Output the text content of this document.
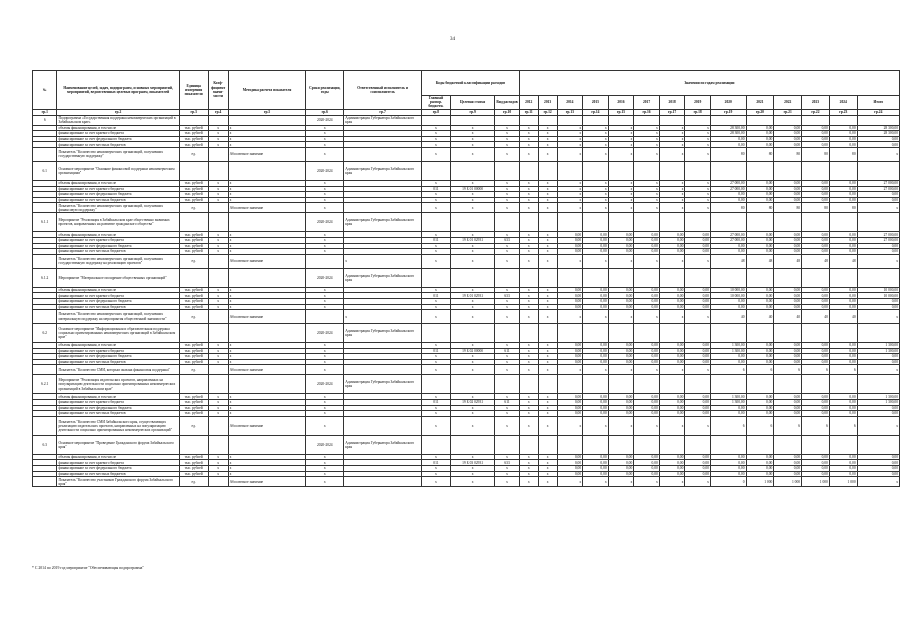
34
№	Наименование целей, задач, подпрограмм, основных мероприятий, мероприятий, ведомственных целевых программ, показателей	Единица измерения показателя	Коэф-фициент значи-мости	Методика расчета показателя	Сроки реализации, годы	Ответственный исполнитель и соисполнитель	Коды бюджетной классификации расходов			Значения по годам реализации													
							Главный распор. бюджетн.	Целевая статья	Вид расходов	2012	2013	2014	2015	2016	2017	2018	2019	2020	2021	2022	2023	2024	Итого
гр.1	гр.2	гр.3	гр.4	гр.5	гр.6	гр.7	гр.8	гр.9	гр.10	гр.11	гр.12	гр.13	гр.14	гр.15	гр.16	гр.17	гр.18	гр.19	гр.20	гр.21	гр.22	гр.23	гр.24
6	Подпрограмма «Государственная поддержка некоммерческих организаций в Забайкальском крае»				2020-2024	Администрация Губернатора Забайкальского края																	
	объемы финансирования, в том числе	тыс. рублей	х	х	х		х	х	х	х	х	х	х	х	х	х	х	28 300,00	0,00	0,00	0,00	0,00	28 300,00
	финансирование за счет краевого бюджета	тыс. рублей	х	х	х		х	х	х	х	х	х	х	х	х	х	х	28 300,00	0,00	0,00	0,00	0,00	28 300,00
	финансирование за счет федерального бюджета	тыс. рублей	х	х	х		х	х	х	х	х	х	х	х	х	х	х	0,00	0,00	0,00	0,00	0,00	0,00
	финансирование за счет местных бюджетов	тыс. рублей	х	х	х		х	х	х	х	х	х	х	х	х	х	х	0,00	0,00	0,00	0,00	0,00	0,00
	Показатель "Количество некоммерческих организаций, получивших государственную поддержку"	ед.		Абсолютное значение	х		х	х	х	х	х	х	х	х	х	х	х	80	80	80	80	80	х
6.1	Основное мероприятие "Оказание финансовой поддержки некоммерческим организациям"				2020-2024	Администрация Губернатора Забайкальского края																	
	объемы финансирования, в том числе	тыс. рублей	х	х	х		х	х	х	х	х	х	х	х	х	х	х	27 000,00	0,00	0,00	0,00	0,00	27 000,00
	финансирование за счет краевого бюджета	тыс. рублей	х	х	х		011	19 Б 01 00000	х	х	х	х	х	х	х	х	х	27 000,00	0,00	0,00	0,00	0,00	27 000,00
	финансирование за счет федерального бюджета	тыс. рублей	х	х	х		х	х	х	х	х	х	х	х	х	х	х	0,00	0,00	0,00	0,00	0,00	0,00
	финансирование за счет местных бюджетов	тыс. рублей	х	х	х		х	х	х	х	х	х	х	х	х	х	х	0,00	0,00	0,00	0,00	0,00	0,00
	Показатель "Количество некоммерческих организаций, получивших финансовую поддержку"	ед.		Абсолютное значение	х		х	х	х	х	х	х	х	х	х	х	х	80	80	80	80	80	х
6.1.1	Мероприятие "Реализация в Забайкальском крае общественно значимых проектов, направленных на развитие гражданского общества"				2020-2024	Администрация Губернатора Забайкальского края																	
	объемы финансирования, в том числе	тыс. рублей	х	х	х		х	х	х	х	х	0,00	0,00	0,00	0,00	0,00	0,00	27 000,00	0,00	0,00	0,00	0,00	27 000,00
	финансирование за счет краевого бюджета	тыс. рублей	х	х	х		011	19 Б 01 02931	633	х	х	0,00	0,00	0,00	0,00	0,00	0,00	27 000,00	0,00	0,00	0,00	0,00	27 000,00
	финансирование за счет федерального бюджета	тыс. рублей	х	х	х		х	х	х	х	х	0,00	0,00	0,00	0,00	0,00	0,00	0,00	0,00	0,00	0,00	0,00	0,00
	финансирование за счет местных бюджетов	тыс. рублей	х	х	х		х	х	х	х	х	0,00	0,00	0,00	0,00	0,00	0,00	0,00	0,00	0,00	0,00	0,00	0,00
	Показатель "Количество некоммерческих организаций, получивших государственную поддержку на реализацию проектов"	ед.		Абсолютное значение		х	х	х	х	х	х	х	х	х	х	х	х	48	48	48	48	48	х
6.1.2	Мероприятие "Материальное поощрение общественных организаций"				2020-2024	Администрация Губернатора Забайкальского края																	
	объемы финансирования, в том числе	тыс. рублей	х	х	х		х	х	х	х	х	0,00	0,00	0,00	0,00	0,00	0,00	10 000,00	0,00	0,00	0,00	0,00	10 000,00
	финансирование за счет краевого бюджета	тыс. рублей	х	х	х		011	19 Б 01 02931	633	х	х	0,00	0,00	0,00	0,00	0,00	0,00	10 000,00	0,00	0,00	0,00	0,00	10 000,00
	финансирование за счет федерального бюджета	тыс. рублей	х	х	х		х	х	х	х	х	0,00	0,00	0,00	0,00	0,00	0,00	0,00	0,00	0,00	0,00	0,00	0,00
	финансирование за счет местных бюджетов	тыс. рублей	х	х	х		х	х	х	х	х	0,00	0,00	0,00	0,00	0,00	0,00	0,00	0,00	0,00	0,00	0,00	0,00
	Показатель "Количество некоммерческих организаций, получивших материальную поддержку на мероприятия общественной значимости"	ед.		Абсолютное значение		х	х	х	х	х	х	х	х	х	х	х	х	40	40	40	40	40	х
6.2	Основное мероприятие "Информационная и образовательная поддержка социально ориентированных некоммерческих организаций в Забайкальском крае"				2020-2024	Администрация Губернатора Забайкальского края																	
	объемы финансирования, в том числе	тыс. рублей	х	х	х		х	х	х	х	х	0,00	0,00	0,00	0,00	0,00	0,00	1 300,00	0,00	0,00	0,00	0,00	1 300,00
	финансирование за счет краевого бюджета	тыс. рублей	х	х	х		011	19 Б 02 00000	611	х	х	0,00	0,00	0,00	0,00	0,00	0,00	1 300,00	0,00	0,00	0,00	0,00	1 300,00
	финансирование за счет федерального бюджета	тыс. рублей	х	х	х		х	х	х	х	х	0,00	0,00	0,00	0,00	0,00	0,00	0,00	0,00	0,00	0,00	0,00	0,00
	финансирование за счет местных бюджетов	тыс. рублей	х	х	х		х	х	х	х	х	0,00	0,00	0,00	0,00	0,00	0,00	0,00	0,00	0,00	0,00	0,00	0,00
	Показатель "Количество СМИ, которым оказана финансовая поддержка"	ед.		Абсолютное значение	х		х	х	х	х	х	х	х	х	х	х	х	6	6	6	6	6	х
6.2.1	Мероприятие "Реализация издательских проектов, направленных на популяризацию деятельности социально ориентированных некоммерческих организаций в Забайкальском крае"				2020-2024	Администрация Губернатора Забайкальского края																	
	объемы финансирования, в том числе	тыс. рублей	х	х	х		х	х	х	х	х	0,00	0,00	0,00	0,00	0,00	0,00	1 300,00	0,00	0,00	0,00	0,00	1 300,00
	финансирование за счет краевого бюджета	тыс. рублей	х	х	х		011	19 Б 02 02931	611	х	х	0,00	0,00	0,00	0,00	0,00	0,00	1 300,00	0,00	0,00	0,00	0,00	1 300,00
	финансирование за счет федерального бюджета	тыс. рублей	х	х	х		х	х	х	х	х	0,00	0,00	0,00	0,00	0,00	0,00	0,00	0,00	0,00	0,00	0,00	0,00
	финансирование за счет местных бюджетов	тыс. рублей	х	х	х		х	х	х	х	х	0,00	0,00	0,00	0,00	0,00	0,00	0,00	0,00	0,00	0,00	0,00	0,00
	Показатель "Количество СМИ Забайкальского края, осуществляющих реализацию издательских проектов, направленных на популяризацию деятельности социально ориентированных некоммерческих организаций"	ед.		Абсолютное значение	х		х	х	х	х	х	х	х	х	х	х	х	6	6	6	6	6	х
6.3	Основное мероприятие "Проведение Гражданского форума Забайкальского края"				2020-2024	Администрация Губернатора Забайкальского края																	
	объемы финансирования, в том числе	тыс. рублей	х	х	х		х	х	х	х	х	0,00	0,00	0,00	0,00	0,00	0,00	0,00	0,00	0,00	0,00	0,00	0,00
	финансирование за счет краевого бюджета	тыс. рублей	х	х	х		011	19 Б 03 02931	633	х	х	0,00	0,00	0,00	0,00	0,00	0,00	0,00	0,00	0,00	0,00	0,00	0,00
	финансирование за счет федерального бюджета	тыс. рублей	х	х	х		х	х	х	х	х	0,00	0,00	0,00	0,00	0,00	0,00	0,00	0,00	0,00	0,00	0,00	0,00
	финансирование за счет местных бюджетов	тыс. рублей	х	х	х		х	х	х	х	х	0,00	0,00	0,00	0,00	0,00	0,00	0,00	0,00	0,00	0,00	0,00	0,00
	Показатель "Количество участников Гражданского форума Забайкальского края"	ед.		Абсолютное значение	х		х	х	х	х	х	х	х	х	х	х	х	0	1 000	1 000	1 000	1 000	х
* С 2014 по 2019 год мероприятие "Обеспечивающая подпрограмма"
